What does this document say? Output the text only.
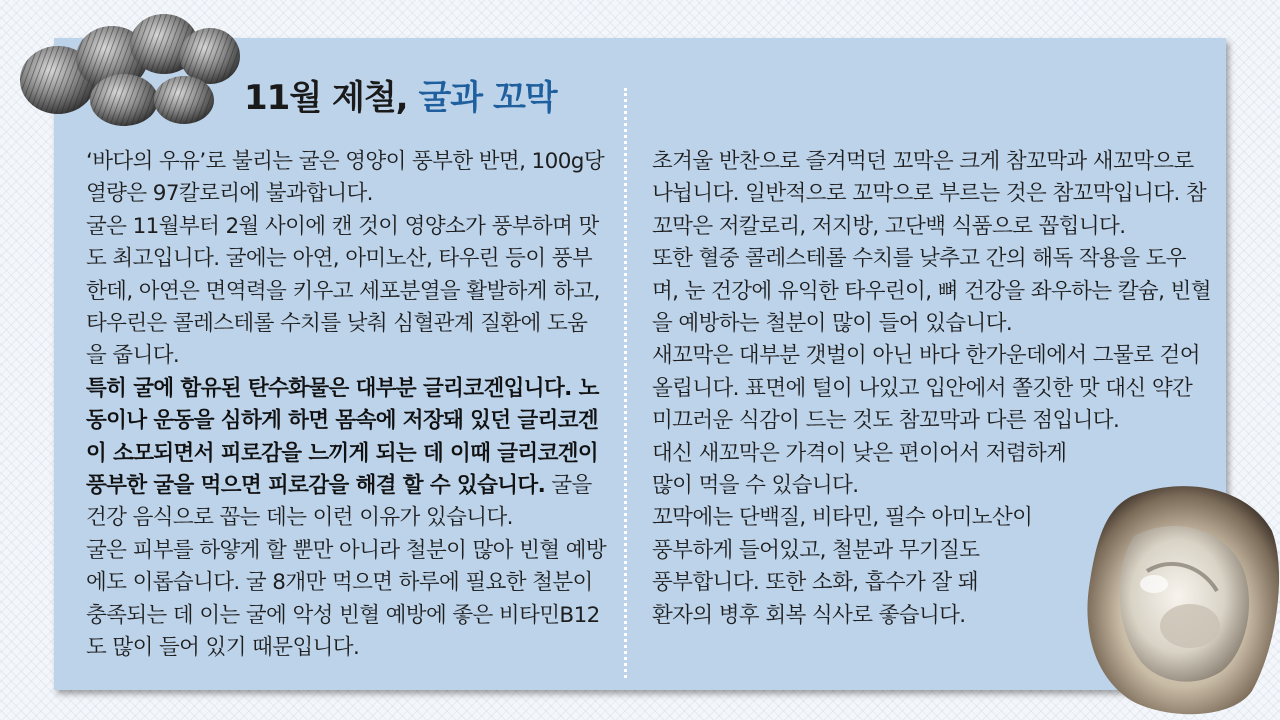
11월 제철, 굴과 꼬막

‘바다의 우유’로 불리는 굴은 영양이 풍부한 반면, 100g당 열량은 97칼로리에 불과합니다.

굴은 11월부터 2월 사이에 캔 것이 영양소가 풍부하며 맛도 최고입니다. 굴에는 아연, 아미노산, 타우린 등이 풍부한데, 아연은 면역력을 키우고 세포분열을 활발하게 하고, 타우린은 콜레스테롤 수치를 낮춰 심혈관계 질환에 도움을 줍니다.

특히 굴에 함유된 탄수화물은 대부분 글리코겐입니다. 노동이나 운동을 심하게 하면 몸속에 저장돼 있던 글리코겐이 소모되면서 피로감을 느끼게 되는 데 이때 글리코겐이 풍부한 굴을 먹으면 피로감을 해결 할 수 있습니다. 굴을 건강 음식으로 꼽는 데는 이런 이유가 있습니다.

굴은 피부를 하얗게 할 뿐만 아니라 철분이 많아 빈혈 예방에도 이롭습니다. 굴 8개만 먹으면 하루에 필요한 철분이 충족되는 데 이는 굴에 악성 빈혈 예방에 좋은 비타민B12도 많이 들어 있기 때문입니다.

초겨울 반찬으로 즐겨먹던 꼬막은 크게 참꼬막과 새꼬막으로 나뉩니다. 일반적으로 꼬막으로 부르는 것은 참꼬막입니다. 참꼬막은 저칼로리, 저지방, 고단백 식품으로 꼽힙니다.

또한 혈중 콜레스테롤 수치를 낮추고 간의 해독 작용을 도우며, 눈 건강에 유익한 타우린이, 뼈 건강을 좌우하는 칼슘, 빈혈을 예방하는 철분이 많이 들어 있습니다.

새꼬막은 대부분 갯벌이 아닌 바다 한가운데에서 그물로 걷어 올립니다. 표면에 털이 나있고 입안에서 쫄깃한 맛 대신 약간 미끄러운 식감이 드는 것도 참꼬막과 다른 점입니다.

대신 새꼬막은 가격이 낮은 편이어서 저렴하게
많이 먹을 수 있습니다.

꼬막에는 단백질, 비타민, 필수 아미노산이
풍부하게 들어있고, 철분과 무기질도
풍부합니다. 또한 소화, 흡수가 잘 돼
환자의 병후 회복 식사로 좋습니다.
